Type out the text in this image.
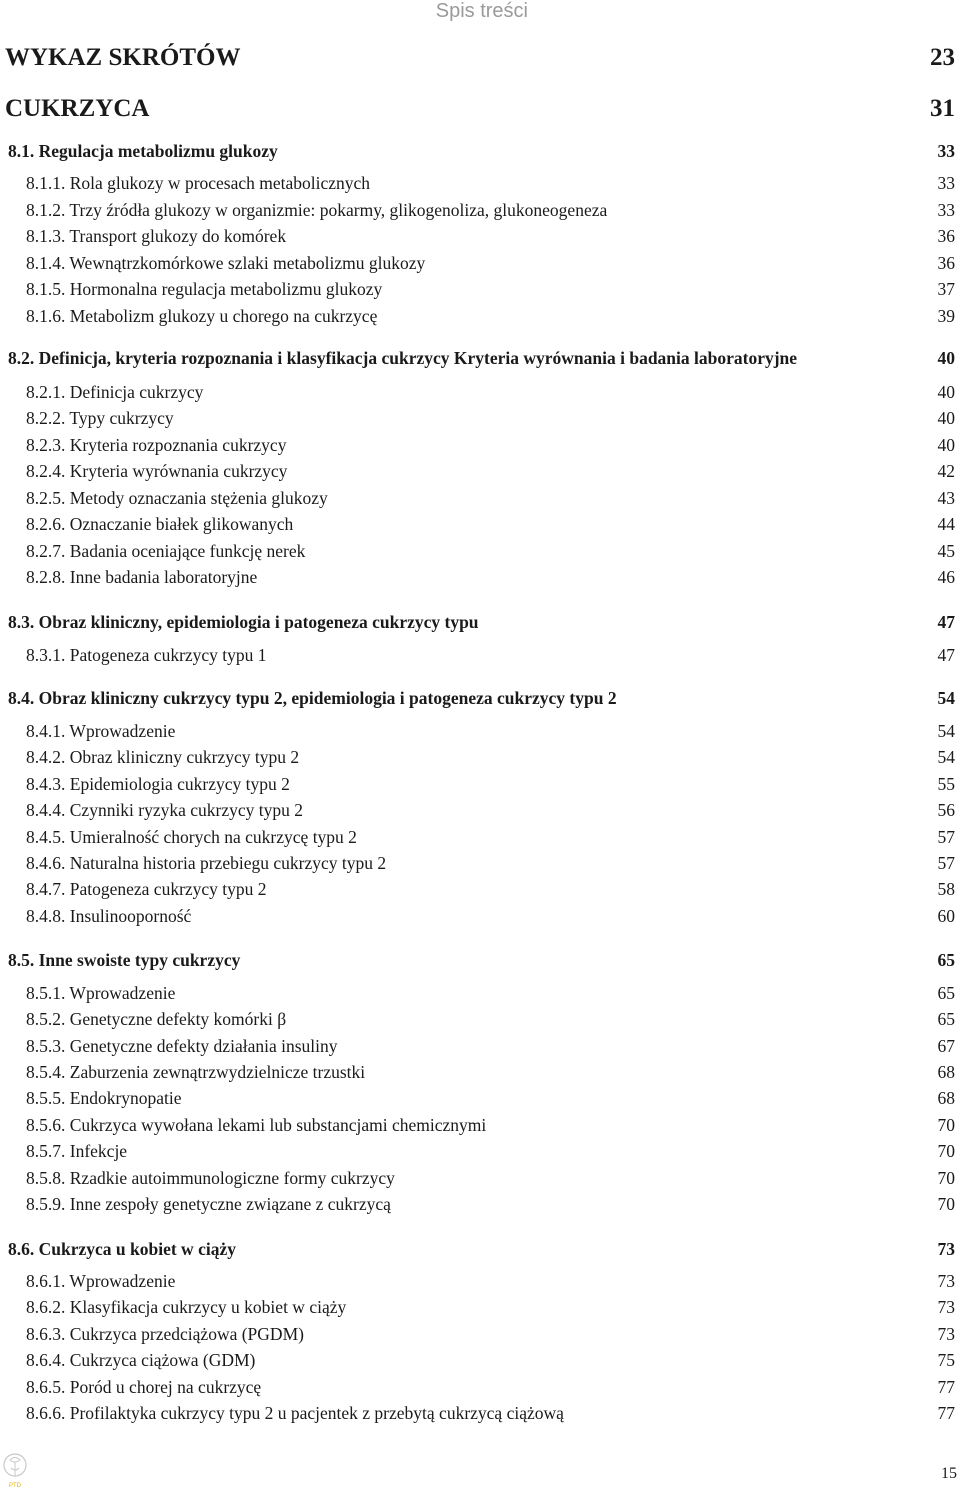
Spis treści
WYKAZ SKRÓTÓW	23
CUKRZYCA	31
8.1. Regulacja metabolizmu glukozy	33
8.1.1. Rola glukozy w procesach metabolicznych	33
8.1.2. Trzy źródła glukozy w organizmie: pokarmy, glikogenoliza, glukoneogeneza	33
8.1.3. Transport glukozy do komórek	36
8.1.4. Wewnątrzkomórkowe szlaki metabolizmu glukozy	36
8.1.5. Hormonalna regulacja metabolizmu glukozy	37
8.1.6. Metabolizm glukozy u chorego na cukrzycę	39
8.2. Definicja, kryteria rozpoznania i klasyfikacja cukrzycy Kryteria wyrównania i badania laboratoryjne	40
8.2.1. Definicja cukrzycy	40
8.2.2. Typy cukrzycy	40
8.2.3. Kryteria rozpoznania cukrzycy	40
8.2.4. Kryteria wyrównania cukrzycy	42
8.2.5. Metody oznaczania stężenia glukozy	43
8.2.6. Oznaczanie białek glikowanych	44
8.2.7. Badania oceniające funkcję nerek	45
8.2.8. Inne badania laboratoryjne	46
8.3. Obraz kliniczny, epidemiologia i patogeneza cukrzycy typu	47
8.3.1. Patogeneza cukrzycy typu 1	47
8.4. Obraz kliniczny cukrzycy typu 2, epidemiologia i patogeneza cukrzycy typu 2	54
8.4.1. Wprowadzenie	54
8.4.2. Obraz kliniczny cukrzycy typu 2	54
8.4.3. Epidemiologia cukrzycy typu 2	55
8.4.4. Czynniki ryzyka cukrzycy typu 2	56
8.4.5. Umieralność chorych na cukrzycę typu 2	57
8.4.6. Naturalna historia przebiegu cukrzycy typu 2	57
8.4.7. Patogeneza cukrzycy typu 2	58
8.4.8. Insulinooporność	60
8.5. Inne swoiste typy cukrzycy	65
8.5.1. Wprowadzenie	65
8.5.2. Genetyczne defekty komórki β	65
8.5.3. Genetyczne defekty działania insuliny	67
8.5.4. Zaburzenia zewnątrzwydzielnicze trzustki	68
8.5.5. Endokrynopatie	68
8.5.6. Cukrzyca wywołana lekami lub substancjami chemicznymi	70
8.5.7. Infekcje	70
8.5.8. Rzadkie autoimmunologiczne formy cukrzycy	70
8.5.9. Inne zespoły genetyczne związane z cukrzycą	70
8.6. Cukrzyca u kobiet w ciąży	73
8.6.1. Wprowadzenie	73
8.6.2. Klasyfikacja cukrzycy u kobiet w ciąży	73
8.6.3. Cukrzyca przedciążowa (PGDM)	73
8.6.4. Cukrzyca ciążowa (GDM)	75
8.6.5. Poród u chorej na cukrzycę	77
8.6.6. Profilaktyka cukrzycy typu 2 u pacjentek z przebytą cukrzycą ciążową	77
PTD
15
